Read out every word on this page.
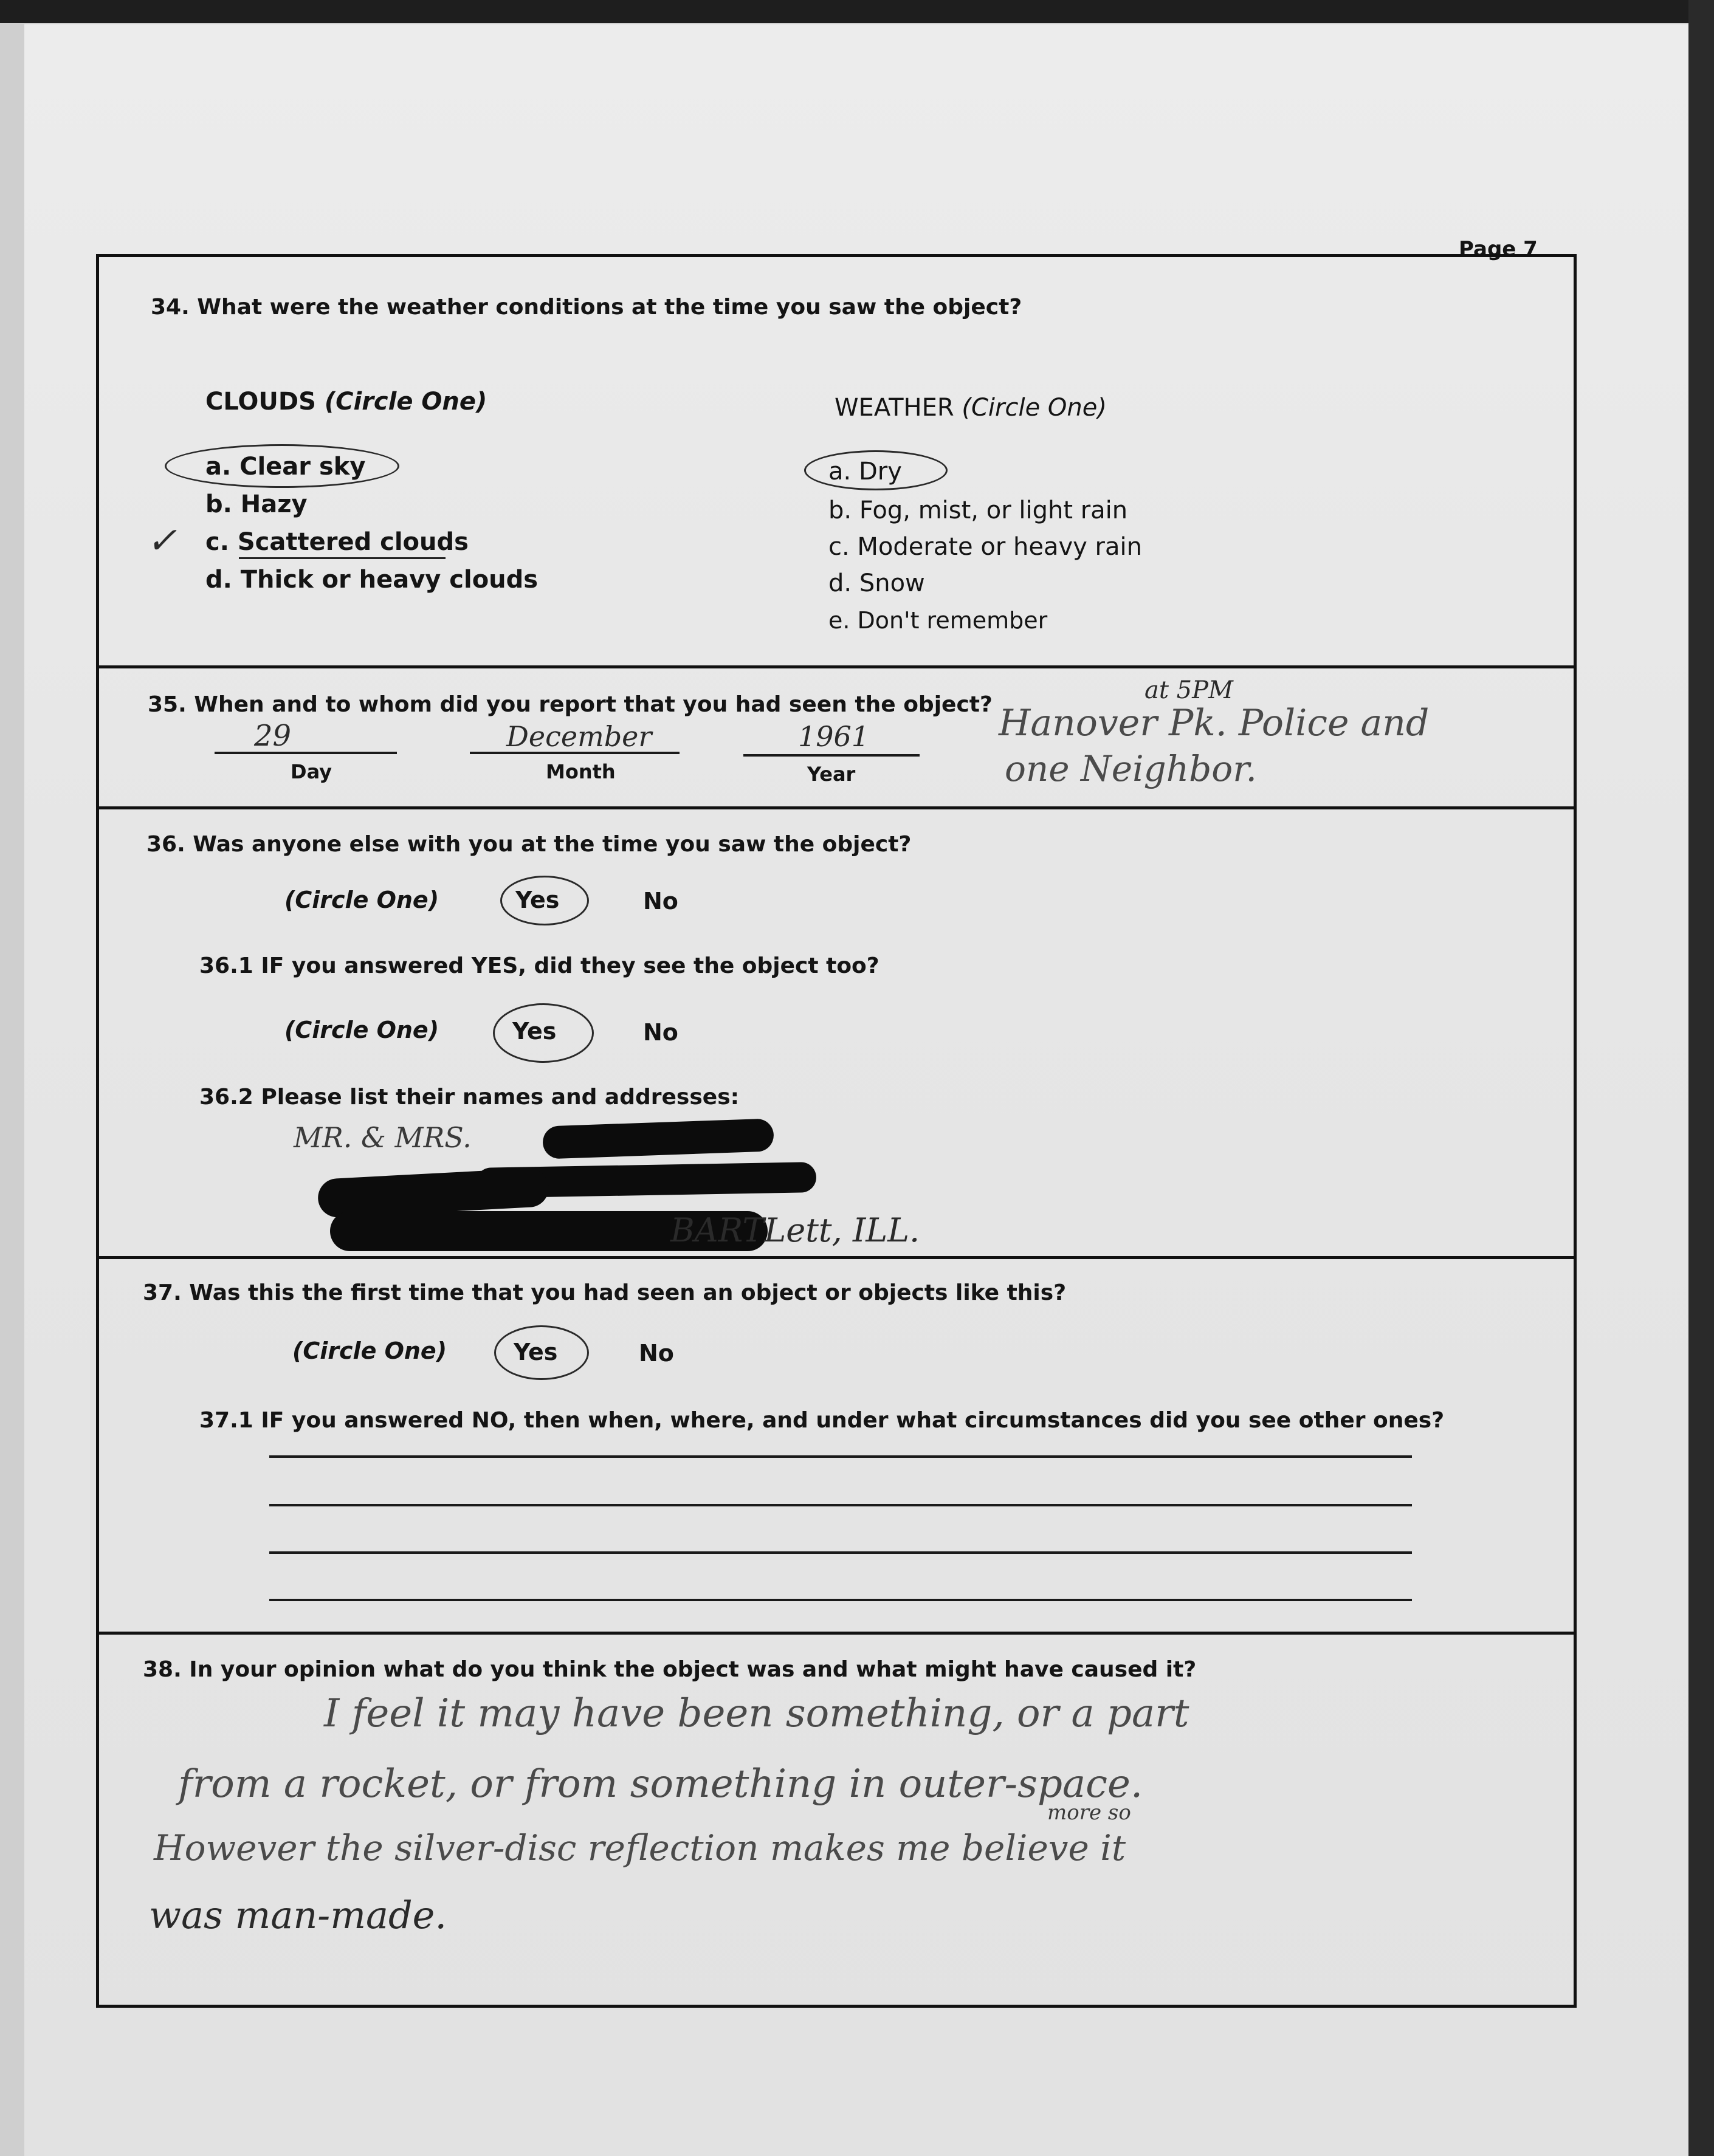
Page 7
34. What were the weather conditions at the time you saw the object?
CLOUDS (Circle One)
a. Clear sky
b. Hazy
c. Scattered clouds
✓
d. Thick or heavy clouds
WEATHER (Circle One)
a. Dry
b. Fog, mist, or light rain
c. Moderate or heavy rain
d. Snow
e. Don't remember
35. When and to whom did you report that you had seen the object?
29
Day
December
Month
1961
Year
at 5PM
Hanover Pk. Police and
one Neighbor.
36. Was anyone else with you at the time you saw the object?
(Circle One)	Yes	No
36.1 IF you answered YES, did they see the object too?
(Circle One)	Yes	No
36.2 Please list their names and addresses:
MR. & MRS.
BARTLett, ILL.
37. Was this the first time that you had seen an object or objects like this?
(Circle One)	Yes	No
37.1 IF you answered NO, then when, where, and under what circumstances did you see other ones?
38. In your opinion what do you think the object was and what might have caused it?
more so
I feel it may have been something, or a part
from a rocket, or from something in outer-space.
However the silver-disc reflection makes me believe it
was man-made.
